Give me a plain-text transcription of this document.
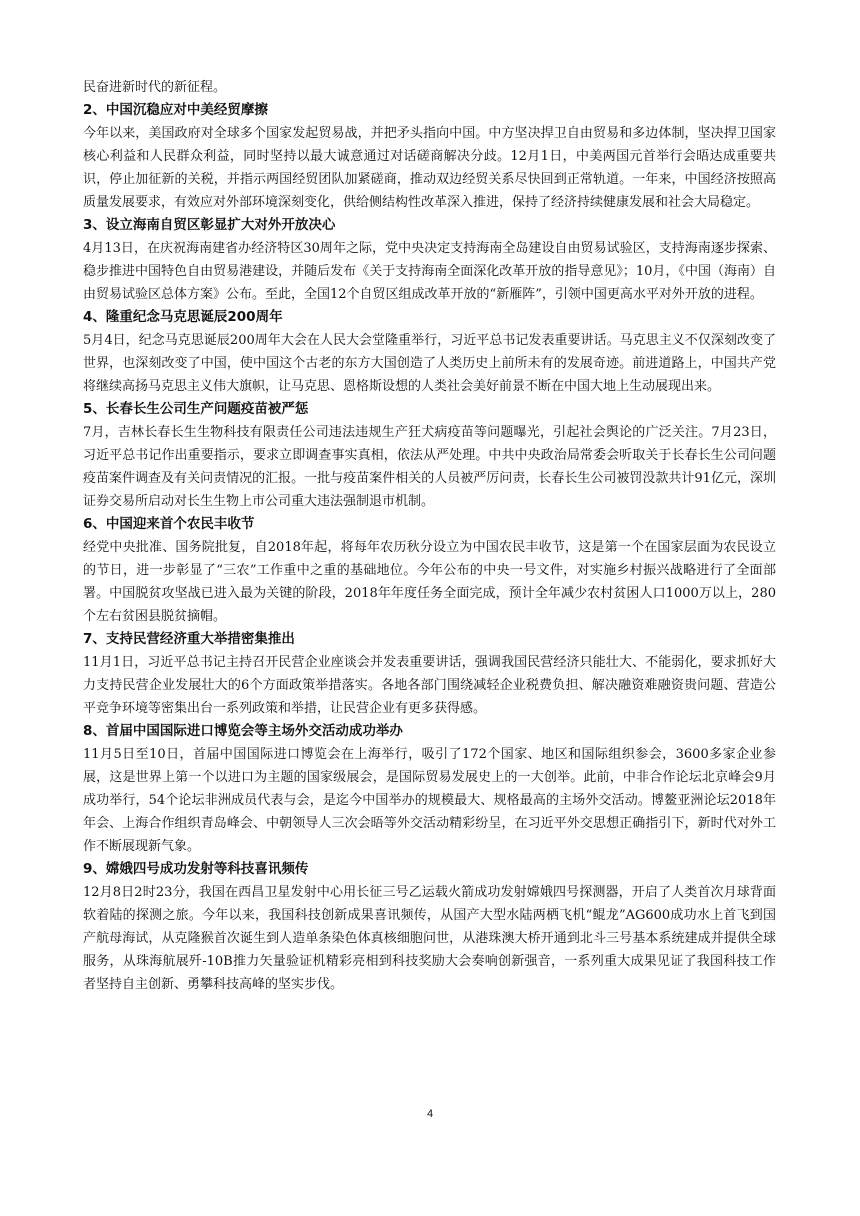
民奋进新时代的新征程。

2、中国沉稳应对中美经贸摩擦

今年以来，美国政府对全球多个国家发起贸易战，并把矛头指向中国。中方坚决捍卫自由贸易和多边体制，坚决捍卫国家核心利益和人民群众利益，同时坚持以最大诚意通过对话磋商解决分歧。12月1日，中美两国元首举行会晤达成重要共识，停止加征新的关税，并指示两国经贸团队加紧磋商，推动双边经贸关系尽快回到正常轨道。一年来，中国经济按照高质量发展要求，有效应对外部环境深刻变化，供给侧结构性改革深入推进，保持了经济持续健康发展和社会大局稳定。

3、设立海南自贸区彰显扩大对外开放决心

4月13日，在庆祝海南建省办经济特区30周年之际，党中央决定支持海南全岛建设自由贸易试验区，支持海南逐步探索、稳步推进中国特色自由贸易港建设，并随后发布《关于支持海南全面深化改革开放的指导意见》；10月，《中国（海南）自由贸易试验区总体方案》公布。至此，全国12个自贸区组成改革开放的“新雁阵”，引领中国更高水平对外开放的进程。

4、隆重纪念马克思诞辰200周年

5月4日，纪念马克思诞辰200周年大会在人民大会堂隆重举行，习近平总书记发表重要讲话。马克思主义不仅深刻改变了世界，也深刻改变了中国，使中国这个古老的东方大国创造了人类历史上前所未有的发展奇迹。前进道路上，中国共产党将继续高扬马克思主义伟大旗帜，让马克思、恩格斯设想的人类社会美好前景不断在中国大地上生动展现出来。

5、长春长生公司生产问题疫苗被严惩

7月，吉林长春长生生物科技有限责任公司违法违规生产狂犬病疫苗等问题曝光，引起社会舆论的广泛关注。7月23日，习近平总书记作出重要指示，要求立即调查事实真相，依法从严处理。中共中央政治局常委会听取关于长春长生公司问题疫苗案件调查及有关问责情况的汇报。一批与疫苗案件相关的人员被严厉问责，长春长生公司被罚没款共计91亿元，深圳证券交易所启动对长生生物上市公司重大违法强制退市机制。

6、中国迎来首个农民丰收节

经党中央批准、国务院批复，自2018年起，将每年农历秋分设立为中国农民丰收节，这是第一个在国家层面为农民设立的节日，进一步彰显了“三农”工作重中之重的基础地位。今年公布的中央一号文件，对实施乡村振兴战略进行了全面部署。中国脱贫攻坚战已进入最为关键的阶段，2018年年度任务全面完成，预计全年减少农村贫困人口1000万以上，280个左右贫困县脱贫摘帽。

7、支持民营经济重大举措密集推出

11月1日，习近平总书记主持召开民营企业座谈会并发表重要讲话，强调我国民营经济只能壮大、不能弱化，要求抓好大力支持民营企业发展壮大的6个方面政策举措落实。各地各部门围绕减轻企业税费负担、解决融资难融资贵问题、营造公平竞争环境等密集出台一系列政策和举措，让民营企业有更多获得感。

8、首届中国国际进口博览会等主场外交活动成功举办

11月5日至10日，首届中国国际进口博览会在上海举行，吸引了172个国家、地区和国际组织参会，3600多家企业参展，这是世界上第一个以进口为主题的国家级展会，是国际贸易发展史上的一大创举。此前，中非合作论坛北京峰会9月成功举行，54个论坛非洲成员代表与会，是迄今中国举办的规模最大、规格最高的主场外交活动。博鳌亚洲论坛2018年年会、上海合作组织青岛峰会、中朝领导人三次会晤等外交活动精彩纷呈，在习近平外交思想正确指引下，新时代对外工作不断展现新气象。

9、嫦娥四号成功发射等科技喜讯频传

12月8日2时23分，我国在西昌卫星发射中心用长征三号乙运载火箭成功发射嫦娥四号探测器，开启了人类首次月球背面软着陆的探测之旅。今年以来，我国科技创新成果喜讯频传，从国产大型水陆两栖飞机“鲲龙”AG600成功水上首飞到国产航母海试，从克隆猴首次诞生到人造单条染色体真核细胞问世，从港珠澳大桥开通到北斗三号基本系统建成并提供全球服务，从珠海航展歼-10B推力矢量验证机精彩亮相到科技奖励大会奏响创新强音，一系列重大成果见证了我国科技工作者坚持自主创新、勇攀科技高峰的坚实步伐。

4
